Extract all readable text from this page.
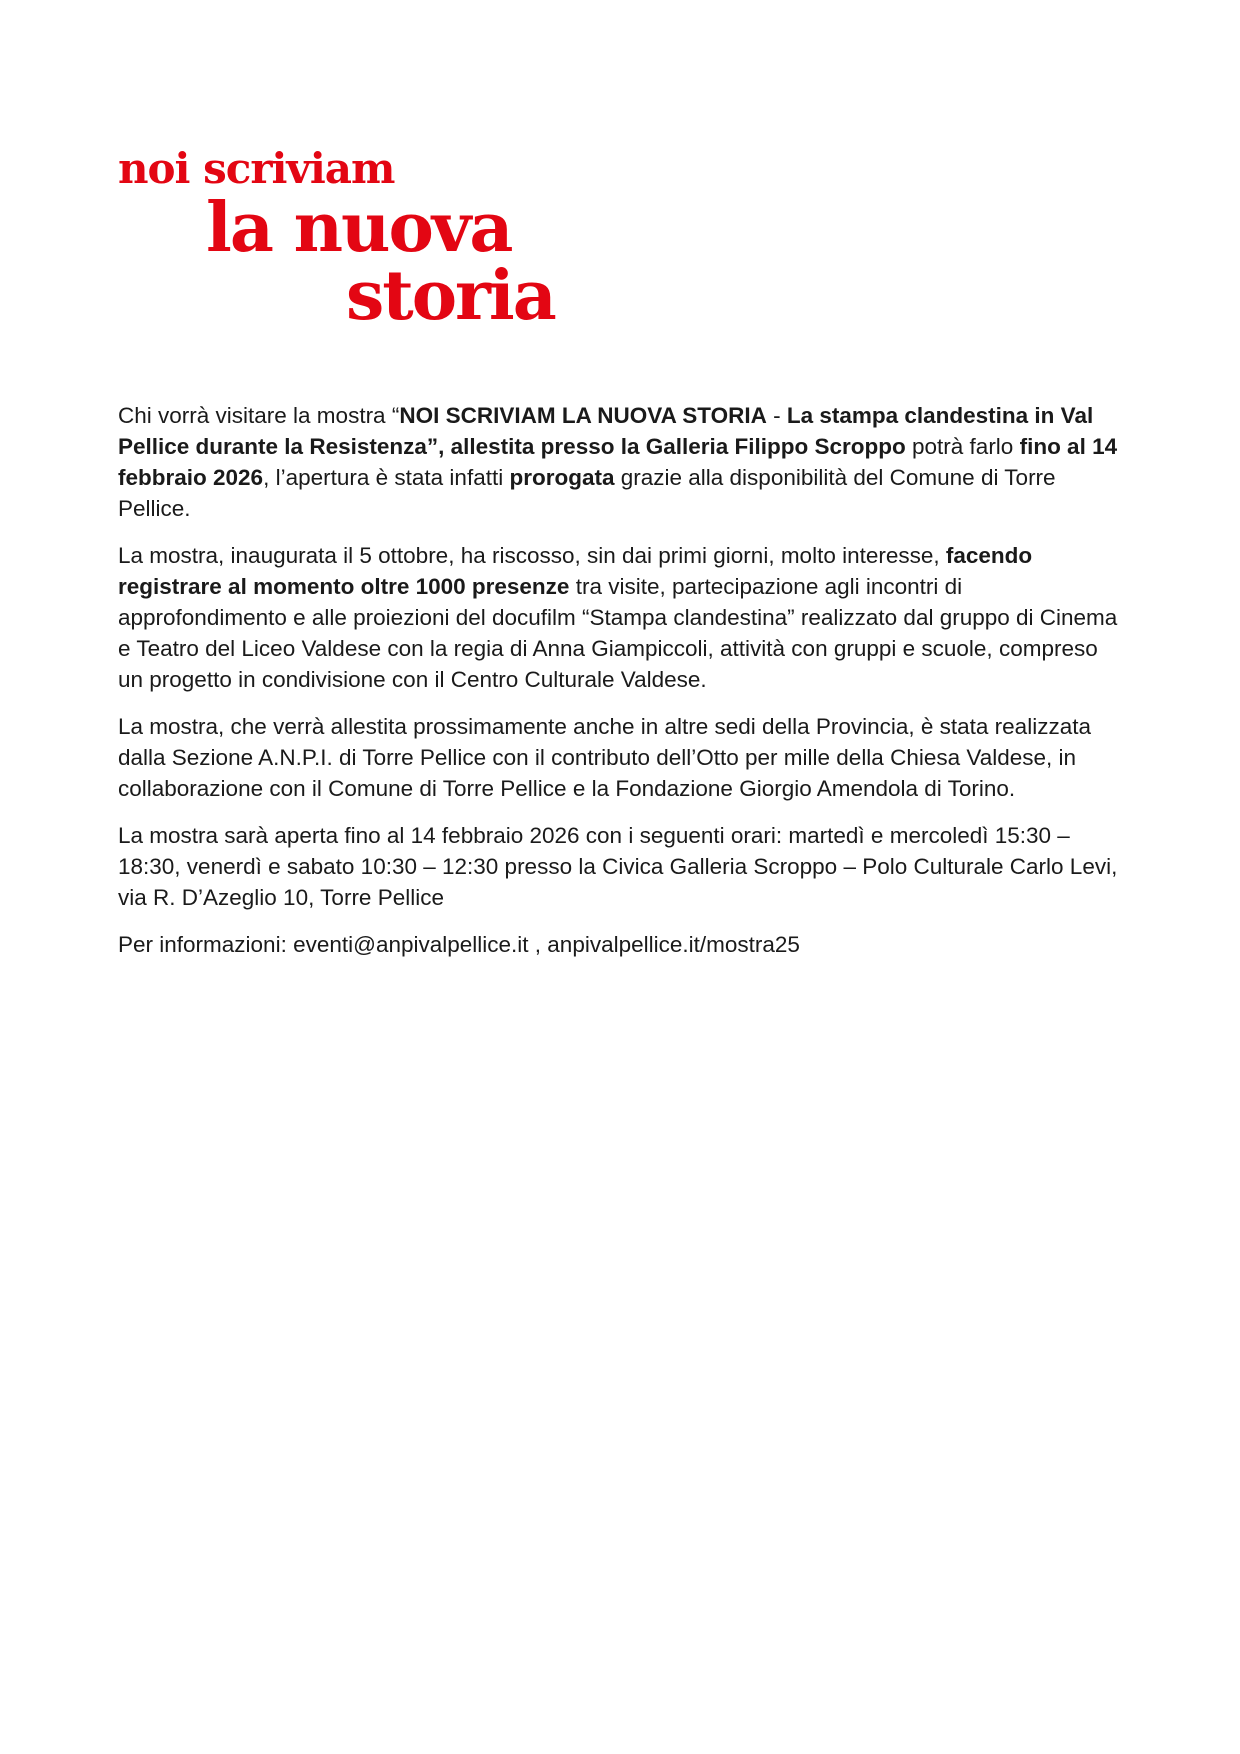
noi scriviam
la nuova
storia

Chi vorrà visitare la mostra “NOI SCRIVIAM LA NUOVA STORIA - La stampa clandestina in Val Pellice durante la Resistenza”, allestita presso la Galleria Filippo Scroppo potrà farlo fino al 14 febbraio 2026, l’apertura è stata infatti prorogata grazie alla disponibilità del Comune di Torre Pellice.

La mostra, inaugurata il 5 ottobre, ha riscosso, sin dai primi giorni, molto interesse, facendo registrare al momento oltre 1000 presenze tra visite, partecipazione agli incontri di approfondimento e alle proiezioni del docufilm “Stampa clandestina” realizzato dal gruppo di Cinema e Teatro del Liceo Valdese con la regia di Anna Giampiccoli, attività con gruppi e scuole, compreso un progetto in condivisione con il Centro Culturale Valdese.

La mostra, che verrà allestita prossimamente anche in altre sedi della Provincia, è stata realizzata dalla Sezione A.N.P.I. di Torre Pellice con il contributo dell’Otto per mille della Chiesa Valdese, in collaborazione con il Comune di Torre Pellice e la Fondazione Giorgio Amendola di Torino.

La mostra sarà aperta fino al 14 febbraio 2026 con i seguenti orari: martedì e mercoledì 15:30 – 18:30, venerdì e sabato 10:30 – 12:30 presso la Civica Galleria Scroppo – Polo Culturale Carlo Levi, via R. D’Azeglio 10, Torre Pellice

Per informazioni: eventi@anpivalpellice.it , anpivalpellice.it/mostra25
